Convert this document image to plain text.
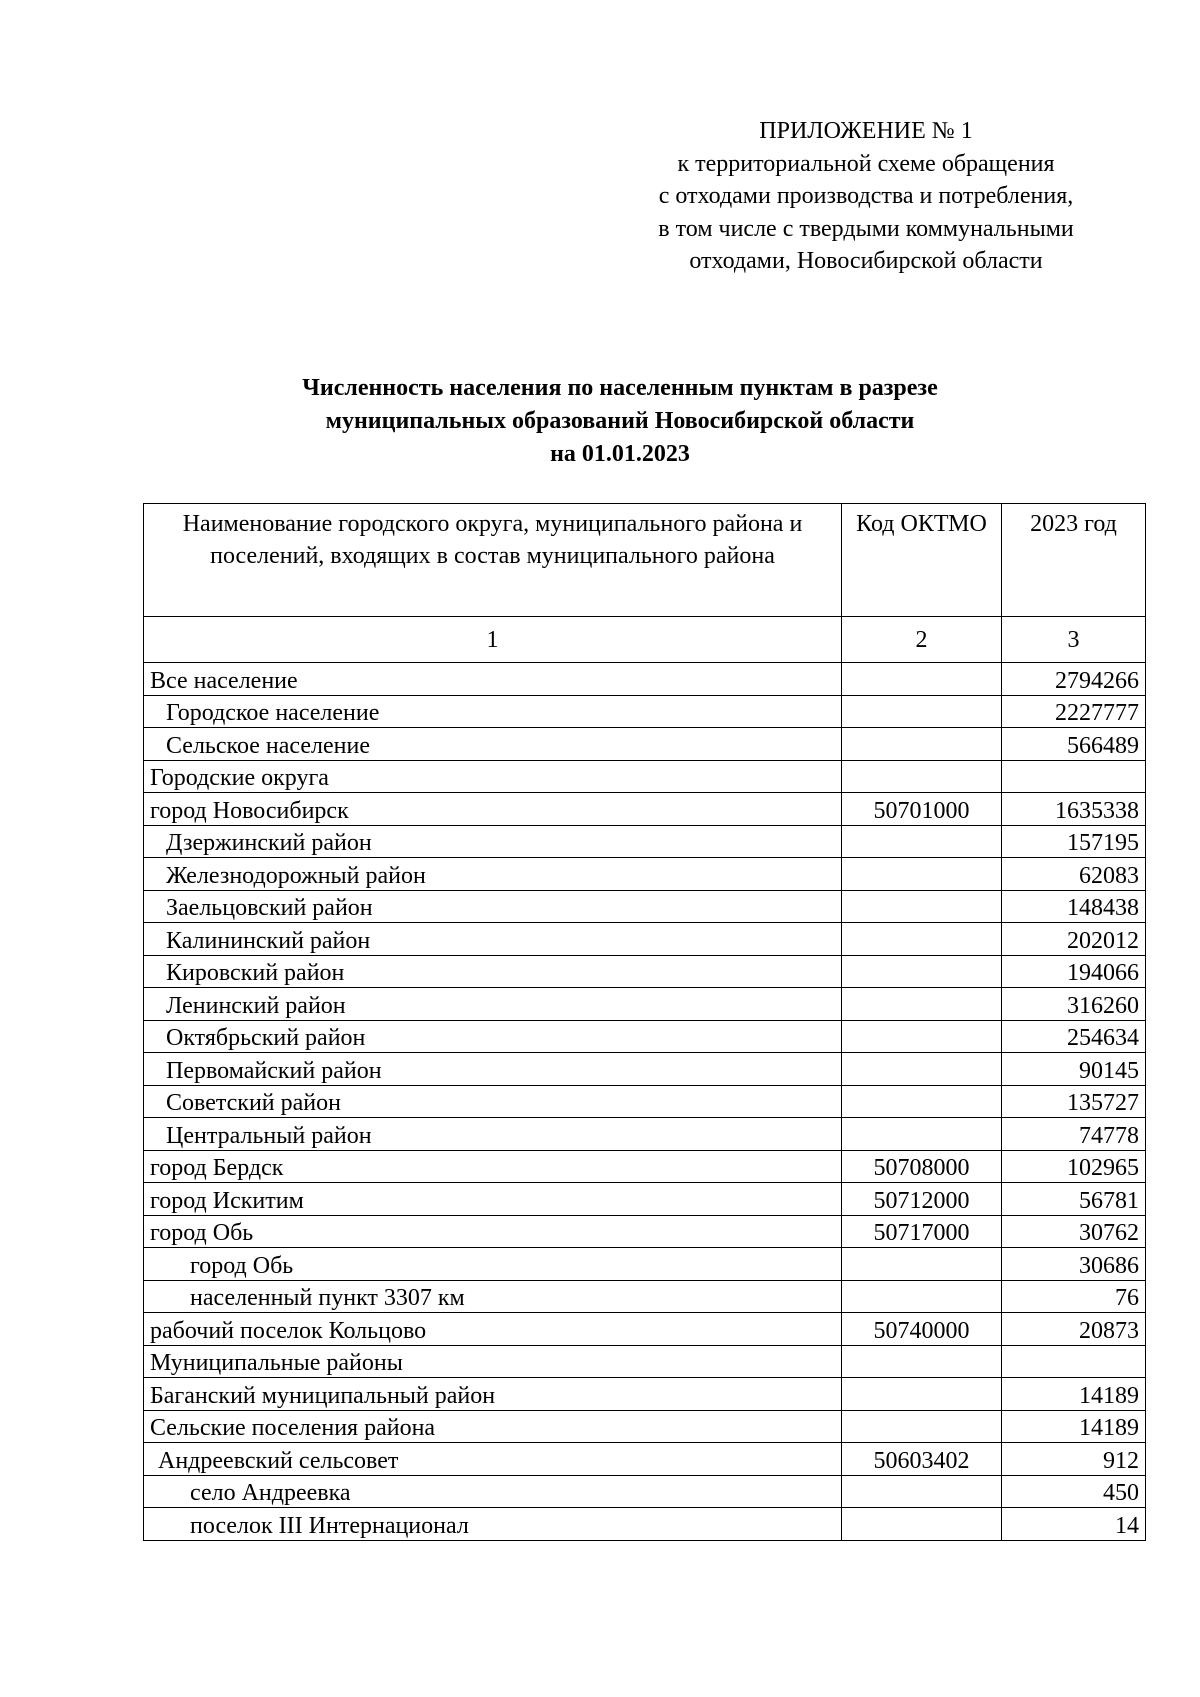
ПРИЛОЖЕНИЕ № 1
к территориальной схеме обращения
с отходами производства и потребления,
в том числе с твердыми коммунальными
отходами, Новосибирской области
Численность населения по населенным пунктам в разрезе
муниципальных образований Новосибирской области
на 01.01.2023
Наименование городского округа, муниципального района и поселений, входящих в состав муниципального района	Код ОКТМО	2023 год
1	2	3
Все население		2794266
Городское население		2227777
Сельское население		566489
Городские округа		
город Новосибирск	50701000	1635338
Дзержинский район		157195
Железнодорожный район		62083
Заельцовский район		148438
Калининский район		202012
Кировский район		194066
Ленинский район		316260
Октябрьский район		254634
Первомайский район		90145
Советский район		135727
Центральный район		74778
город Бердск	50708000	102965
город Искитим	50712000	56781
город Обь	50717000	30762
город Обь		30686
населенный пункт 3307 км		76
рабочий поселок Кольцово	50740000	20873
Муниципальные районы		
Баганский муниципальный район		14189
Сельские поселения района		14189
Андреевский сельсовет	50603402	912
село Андреевка		450
поселок III Интернационал		14
